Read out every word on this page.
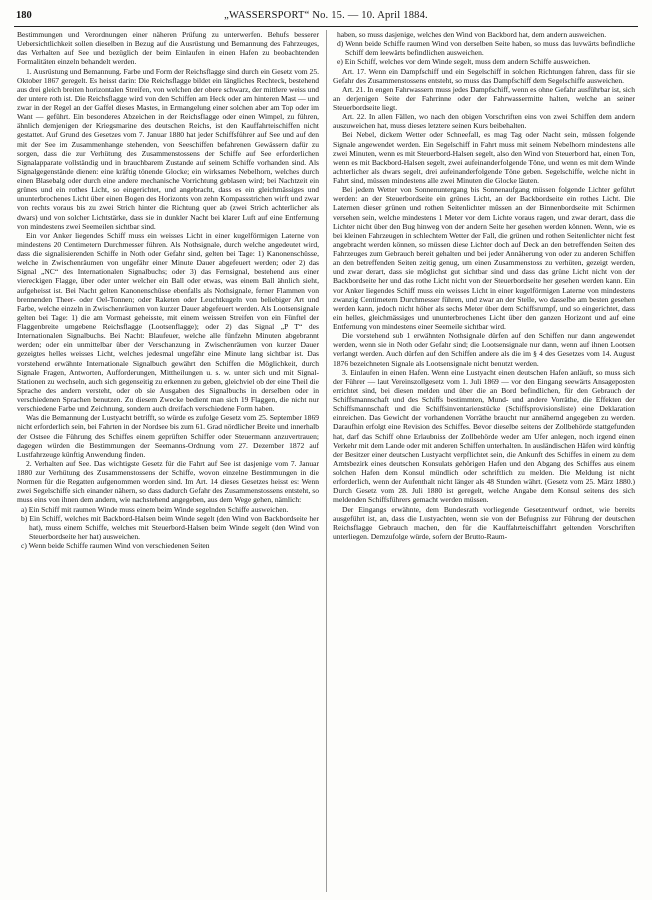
180	„WASSERSPORT“ No. 15. — 10. April 1884.

Bestimmungen und Verordnungen einer näheren Prüfung zu unterwerfen. Behufs besserer Uebersichtlichkeit sollen dieselben in Bezug auf die Ausrüstung und Bemannung des Fahrzeuges, das Verhalten auf See und bezüglich der beim Einlaufen in einen Hafen zu beobachtenden Formalitäten einzeln behandelt werden.

1. Ausrüstung und Bemannung. Farbe und Form der Reichsflagge sind durch ein Gesetz vom 25. Oktober 1867 geregelt. Es heisst darin: Die Reichsflagge bildet ein längliches Rechteck, bestehend aus drei gleich breiten horizontalen Streifen, von welchen der obere schwarz, der mittlere weiss und der untere roth ist. Die Reichsflagge wird von den Schiffen am Heck oder am hinteren Mast — und zwar in der Regel an der Gaffel dieses Mastes, in Ermangelung einer solchen aber am Top oder im Want — geführt. Ein besonderes Abzeichen in der Reichsflagge oder einen Wimpel, zu führen, ähnlich demjenigen der Kriegsmarine des deutschen Reichs, ist den Kauffahrteischiffen nicht gestattet. Auf Grund des Gesetzes vom 7. Januar 1880 hat jeder Schiffsführer auf See und auf den mit der See im Zusammenhange stehenden, von Seeschiffen befahrenen Gewässern dafür zu sorgen, dass die zur Verhütung des Zusammenstossens der Schiffe auf See erforderlichen Signalapparate vollständig und in brauchbarem Zustande auf seinem Schiffe vorhanden sind. Als Signalgegenstände dienen: eine kräftig tönende Glocke; ein wirksames Nebelhorn, welches durch einen Blasebalg oder durch eine andere mechanische Vorrichtung geblasen wird; bei Nachtzeit ein grünes und ein rothes Licht, so eingerichtet, und angebracht, dass es ein gleichmässiges und ununterbrochenes Licht über einen Bogen des Horizonts von zehn Kompassstrichen wirft und zwar von rechts voraus bis zu zwei Strich hinter die Richtung quer ab (zwei Strich achterlicher als dwars) und von solcher Lichtstärke, dass sie in dunkler Nacht bei klarer Luft auf eine Entfernung von mindestens zwei Seemeilen sichtbar sind.

Ein vor Anker liegendes Schiff muss ein weisses Licht in einer kugelförmigen Laterne von mindestens 20 Centimetern Durchmesser führen. Als Nothsignale, durch welche angedeutet wird, dass die signalisierenden Schiffe in Noth oder Gefahr sind, gelten bei Tage: 1) Kanonenschüsse, welche in Zwischenräumen von ungefähr einer Minute Dauer abgefeuert werden; oder 2) das Signal „NC“ des Internationalen Signalbuchs; oder 3) das Fernsignal, bestehend aus einer viereckigen Flagge, über oder unter welcher ein Ball oder etwas, was einem Ball ähnlich sieht, aufgeheisst ist. Bei Nacht gelten Kanonenschüsse ebenfalls als Nothsignale, ferner Flammen von brennenden Theer- oder Oel-Tonnen; oder Raketen oder Leuchtkugeln von beliebiger Art und Farbe, welche einzeln in Zwischenräumen von kurzer Dauer abgefeuert werden. Als Lootsensignale gelten bei Tage: 1) die am Vormast geheisste, mit einem weissen Streifen von ein Fünftel der Flaggenbreite umgebene Reichsflagge (Lootsenflagge); oder 2) das Signal „P T“ des Internationalen Signalbuchs. Bei Nacht: Blaufeuer, welche alle fünfzehn Minuten abgebrannt werden; oder ein unmittelbar über der Verschanzung in Zwischenräumen von kurzer Dauer gezeigtes helles weisses Licht, welches jedesmal ungefähr eine Minute lang sichtbar ist. Das vorstehend erwähnte Internationale Signalbuch gewährt den Schiffen die Möglichkeit, durch Signale Fragen, Antworten, Aufforderungen, Mittheilungen u. s. w. unter sich und mit Signal-Stationen zu wechseln, auch sich gegenseitig zu erkennen zu geben, gleichviel ob der eine Theil die Sprache des andern versteht, oder ob sie Ausgaben des Signalbuchs in derselben oder in verschiedenen Sprachen benutzen. Zu diesem Zwecke bedient man sich 19 Flaggen, die nicht nur verschiedene Farbe und Zeichnung, sondern auch dreifach verschiedene Form haben.

Was die Bemannung der Lustyacht betrifft, so würde es zufolge Gesetz vom 25. September 1869 nicht erforderlich sein, bei Fahrten in der Nordsee bis zum 61. Grad nördlicher Breite und innerhalb der Ostsee die Führung des Schiffes einem geprüften Schiffer oder Steuermann anzuvertrauen; dagegen würden die Bestimmungen der Seemanns-Ordnung vom 27. Dezember 1872 auf Lustfahrzeuge künftig Anwendung finden.

2. Verhalten auf See. Das wichtigste Gesetz für die Fahrt auf See ist dasjenige vom 7. Januar 1880 zur Verhütung des Zusammenstossens der Schiffe, wovon einzelne Bestimmungen in die Normen für die Regatten aufgenommen worden sind. Im Art. 14 dieses Gesetzes heisst es: Wenn zwei Segelschiffe sich einander nähern, so dass dadurch Gefahr des Zusammenstossens entsteht, so muss eins von ihnen dem andern, wie nachstehend angegeben, aus dem Wege gehen, nämlich:

a) Ein Schiff mit raumen Winde muss einem beim Winde segelnden Schiffe ausweichen.

b) Ein Schiff, welches mit Backbord-Halsen beim Winde segelt (den Wind von Backbordseite her hat), muss einem Schiffe, welches mit Steuerbord-Halsen beim Winde segelt (den Wind von Steuerbordseite her hat) ausweichen.

c) Wenn beide Schiffe raumen Wind von verschiedenen Seiten

haben, so muss dasjenige, welches den Wind von Backbord hat, dem andern ausweichen.

d) Wenn beide Schiffe raumen Wind von derselben Seite haben, so muss das luvwärts befindliche Schiff dem leewärts befindlichen ausweichen.

e) Ein Schiff, welches vor dem Winde segelt, muss dem andern Schiffe ausweichen.

Art. 17. Wenn ein Dampfschiff und ein Segelschiff in solchen Richtungen fahren, dass für sie Gefahr des Zusammenstossens entsteht, so muss das Dampfschiff dem Segelschiffe ausweichen.

Art. 21. In engen Fahrwassern muss jedes Dampfschiff, wenn es ohne Gefahr ausführbar ist, sich an derjenigen Seite der Fahrrinne oder der Fahrwassermitte halten, welche an seiner Steuerbordseite liegt.

Art. 22. In allen Fällen, wo nach den obigen Vorschriften eins von zwei Schiffen dem andern auszuweichen hat, muss dieses letztere seinen Kurs beibehalten.

Bei Nebel, dickem Wetter oder Schneefall, es mag Tag oder Nacht sein, müssen folgende Signale angewendet werden. Ein Segelschiff in Fahrt muss mit seinem Nebelhorn mindestens alle zwei Minuten, wenn es mit Steuerbord-Halsen segelt, also den Wind von Steuerbord hat, einen Ton, wenn es mit Backbord-Halsen segelt, zwei aufeinanderfolgende Töne, und wenn es mit dem Winde achterlicher als dwars segelt, drei aufeinanderfolgende Töne geben. Segelschiffe, welche nicht in Fahrt sind, müssen mindestens alle zwei Minuten die Glocke läuten.

Bei jedem Wetter von Sonnenuntergang bis Sonnenaufgang müssen folgende Lichter geführt werden: an der Steuerbordseite ein grünes Licht, an der Backbordseite ein rothes Licht. Die Laternen dieser grünen und rothen Seitenlichter müssen an der Binnenbordseite mit Schirmen versehen sein, welche mindestens 1 Meter vor dem Lichte voraus ragen, und zwar derart, dass die Lichter nicht über den Bug hinweg von der andern Seite her gesehen werden können. Wenn, wie es bei kleinen Fahrzeugen in schlechtem Wetter der Fall, die grünen und rothen Seitenlichter nicht fest angebracht werden können, so müssen diese Lichter doch auf Deck an den betreffenden Seiten des Fahrzeuges zum Gebrauch bereit gehalten und bei jeder Annäherung von oder zu anderen Schiffen an den betreffenden Seiten zeitig genug, um einen Zusammenstoss zu verhüten, gezeigt werden, und zwar derart, dass sie möglichst gut sichtbar sind und dass das grüne Licht nicht von der Backbordseite her und das rothe Licht nicht von der Steuerbordseite her gesehen werden kann. Ein vor Anker liegendes Schiff muss ein weisses Licht in einer kugelförmigen Laterne von mindestens zwanzig Centimetern Durchmesser führen, und zwar an der Stelle, wo dasselbe am besten gesehen werden kann, jedoch nicht höher als sechs Meter über dem Schiffsrumpf, und so eingerichtet, dass ein helles, gleichmässiges und ununterbrochenes Licht über den ganzen Horizont und auf eine Entfernung von mindestens einer Seemeile sichtbar wird.

Die vorstehend sub 1 erwähnten Nothsignale dürfen auf den Schiffen nur dann angewendet werden, wenn sie in Noth oder Gefahr sind; die Lootsensignale nur dann, wenn auf ihnen Lootsen verlangt werden. Auch dürfen auf den Schiffen andere als die im § 4 des Gesetzes vom 14. August 1876 bezeichneten Signale als Lootsensignale nicht benutzt werden.

3. Einlaufen in einen Hafen. Wenn eine Lustyacht einen deutschen Hafen anläuft, so muss sich der Führer — laut Vereinszollgesetz vom 1. Juli 1869 — vor den Eingang seewärts Ansageposten errichtet sind, bei diesen melden und über die an Bord befindlichen, für den Gebrauch der Schiffsmannschaft und des Schiffs bestimmten, Mund- und andere Vorräthe, die Effekten der Schiffsmannschaft und die Schiffsinventarienstücke (Schiffsprovisionsliste) eine Deklaration einreichen. Das Gewicht der vorhandenen Vorräthe braucht nur annähernd angegeben zu werden. Daraufhin erfolgt eine Revision des Schiffes. Bevor dieselbe seitens der Zollbehörde stattgefunden hat, darf das Schiff ohne Erlaubniss der Zollbehörde weder am Ufer anlegen, noch irgend einen Verkehr mit dem Lande oder mit anderen Schiffen unterhalten. In ausländischen Häfen wird künftig der Besitzer einer deutschen Lustyacht verpflichtet sein, die Ankunft des Schiffes in einem zu dem Amtsbezirk eines deutschen Konsulats gehörigen Hafen und den Abgang des Schiffes aus einem solchen Hafen dem Konsul mündlich oder schriftlich zu melden. Die Meldung ist nicht erforderlich, wenn der Aufenthalt nicht länger als 48 Stunden währt. (Gesetz vom 25. März 1880.) Durch Gesetz vom 28. Juli 1880 ist geregelt, welche Angabe dem Konsul seitens des sich meldenden Schiffsführers gemacht werden müssen.

Der Eingangs erwähnte, dem Bundesrath vorliegende Gesetzentwurf ordnet, wie bereits ausgeführt ist, an, dass die Lustyachten, wenn sie von der Befugniss zur Führung der deutschen Reichsflagge Gebrauch machen, den für die Kauffahrteischiffahrt geltenden Vorschriften unterliegen. Demzufolge würde, sofern der Brutto-Raum-
